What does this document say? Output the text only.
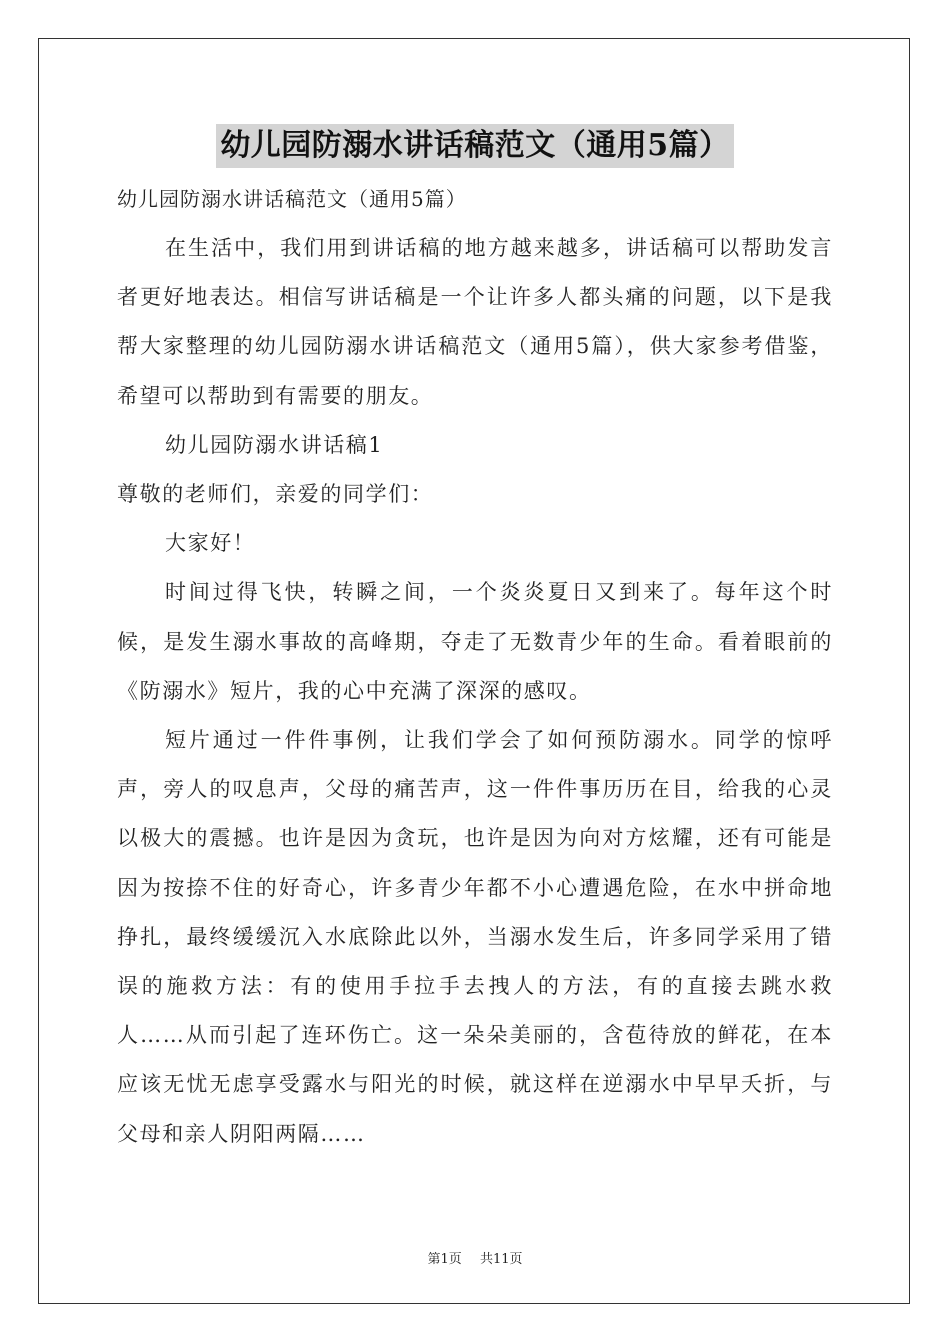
幼儿园防溺水讲话稿范文（通用5篇）
幼儿园防溺水讲话稿范文（通用5篇）

在生活中，我们用到讲话稿的地方越来越多，讲话稿可以帮助发言者更好地表达。相信写讲话稿是一个让许多人都头痛的问题，以下是我帮大家整理的幼儿园防溺水讲话稿范文（通用5篇），供大家参考借鉴，希望可以帮助到有需要的朋友。

幼儿园防溺水讲话稿1

尊敬的老师们，亲爱的同学们：

大家好！

时间过得飞快，转瞬之间，一个炎炎夏日又到来了。每年这个时候，是发生溺水事故的高峰期，夺走了无数青少年的生命。看着眼前的《防溺水》短片，我的心中充满了深深的感叹。

短片通过一件件事例，让我们学会了如何预防溺水。同学的惊呼声，旁人的叹息声，父母的痛苦声，这一件件事历历在目，给我的心灵以极大的震撼。也许是因为贪玩，也许是因为向对方炫耀，还有可能是因为按捺不住的好奇心，许多青少年都不小心遭遇危险，在水中拼命地挣扎，最终缓缓沉入水底除此以外，当溺水发生后，许多同学采用了错误的施救方法：有的使用手拉手去拽人的方法，有的直接去跳水救人……从而引起了连环伤亡。这一朵朵美丽的，含苞待放的鲜花，在本应该无忧无虑享受露水与阳光的时候，就这样在逆溺水中早早夭折，与父母和亲人阴阳两隔……

第1页 共11页
